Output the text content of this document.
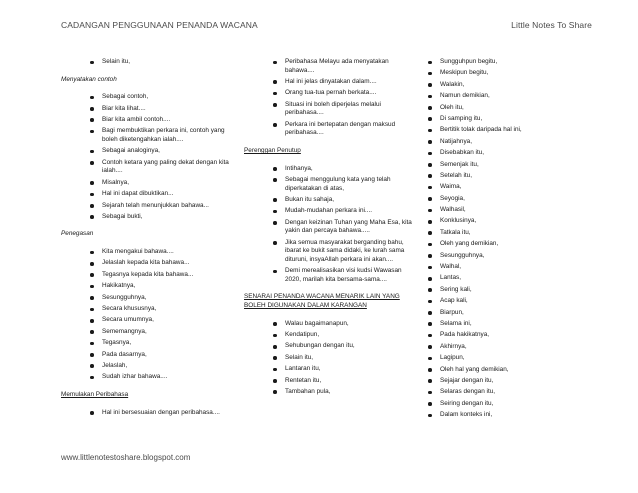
CADANGAN PENGGUNAAN PENANDA WACANA	Little Notes To Share
Selain itu,
Menyatakan contoh
Sebagai contoh,
Biar kita lihat....
Biar kita ambil contoh....
Bagi membuktikan perkara ini, contoh yang boleh diketengahkan ialah....
Sebagai analoginya,
Contoh ketara yang paling dekat dengan kita ialah....
Misalnya,
Hal ini dapat dibuktikan...
Sejarah telah menunjukkan bahawa...
Sebagai bukti,
Penegasan
Kita mengakui bahawa....
Jelaslah kepada kita bahawa...
Tegasnya kepada kita bahawa...
Hakikatnya,
Sesungguhnya,
Secara khususnya,
Secara umumnya,
Sememangnya,
Tegasnya,
Pada dasarnya,
Jelaslah,
Sudah izhar bahawa....
Memulakan Peribahasa
Hal ini bersesuaian dengan peribahasa....
Peribahasa Melayu ada menyatakan bahawa....
Hal ini jelas dinyatakan dalam....
Orang tua-tua pernah berkata....
Situasi ini boleh diperjelas melalui peribahasa....
Perkara ini bertepatan dengan maksud peribahasa....
Perenggan Penutup
Intihanya,
Sebagai menggulung kata yang telah diperkatakan di atas,
Bukan itu sahaja,
Mudah-mudahan perkara ini....
Dengan keizinan Tuhan yang Maha Esa, kita yakin dan percaya bahawa.....
Jika semua masyarakat berganding bahu, ibarat ke bukit sama didaki, ke lurah sama dituruni, insyaAllah perkara ini akan....
Demi merealisasikan visi kudsi Wawasan 2020, marilah kita bersama-sama....
SENARAI PENANDA WACANA MENARIK LAIN YANG BOLEH DIGUNAKAN DALAM KARANGAN
Walau bagaimanapun,
Kendatipun,
Sehubungan dengan itu,
Selain itu,
Lantaran itu,
Rentetan itu,
Tambahan pula,
Sungguhpun begitu,
Meskipun begitu,
Walakin,
Namun demikian,
Oleh itu,
Di samping itu,
Bertitik tolak daripada hal ini,
Natijahnya,
Disebabkan itu,
Semenjak itu,
Setelah itu,
Waima,
Seyogia,
Walhasil,
Konklusinya,
Tatkala itu,
Oleh yang demikian,
Sesungguhnya,
Walhal,
Lantas,
Sering kali,
Acap kali,
Biarpun,
Selama ini,
Pada hakikatnya,
Akhirnya,
Lagipun,
Oleh hal yang demikian,
Sejajar dengan itu,
Selaras dengan itu,
Seiring dengan itu,
Dalam konteks ini,
www.littlenotestoshare.blogspot.com
